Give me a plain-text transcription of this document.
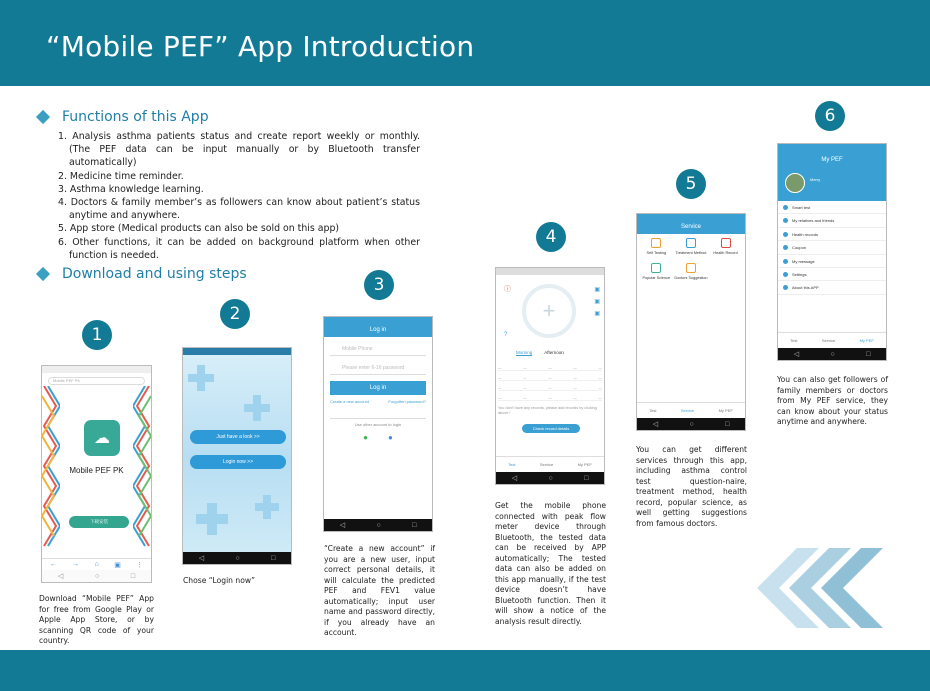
“Mobile PEF” App Introduction
Functions of this App
1. Analysis asthma patients status and create report weekly or monthly. (The PEF data can be input manually or by Bluetooth transfer automatically)
2. Medicine time reminder.
3. Asthma knowledge learning.
4. Doctors & family member’s as followers can know about patient’s status anytime and anywhere.
5. App store (Medical products can also be sold on this app)
6. Other functions, it can be added on background platform when other function is needed.
Download and using steps
1
2
3
4
5
6
Mobile PEF PK
☁
Mobile PEF PK
下载安装
← → ⌂ ▣ ⋮
◁	○	□
Just have a look >>
Login now >>
◁	○	□
Log in
Mobile Phone
Please enter 6-16 password
Log in
Create a new account	Forgotten password?
Use other account to login
●	●
◁	○	□
ⓘ	▣
▣
▣
?
+
Morning	Afternoon
—	—	—	—	—
—	—	—	—	—
—	—	—	—	—
—	—	—	—	—
You don't have any records, please add records by clicking above !
Check record details
Test	Service	My PEF
◁	○	□
Service
Self Testing	Treatment Method	Health Record
Popular Science	Doctors Suggestion
Test	Service	My PEF
◁	○	□
My PEF
Merry
Smart test
My relatives and friends
Health records
Coupon
My message
Settings
About this APP
Test	Service	My PEF
◁	○	□
Download “Mobile PEF” App for free from Google Play or Apple App Store, or by scanning QR code of your country.
Chose “Login now”
“Create a new account” if you are a new user, input correct personal details, it will calculate the predicted PEF and FEV1 value automatically; input user name and password directly, if you already have an account.
Get the mobile phone connected with peak flow meter device through Bluetooth, the tested data can be received by APP automatically; The tested data can also be added on this app manually, if the test device doesn’t have Bluetooth function. Then it will show a notice of the analysis result directly.
You can get different services through this app, including asthma control test question-naire, treatment method, health record, popular science, as well getting suggestions from famous doctors.
You can also get followers of family members or doctors from My PEF service, they can know about your status anytime and anywhere.
